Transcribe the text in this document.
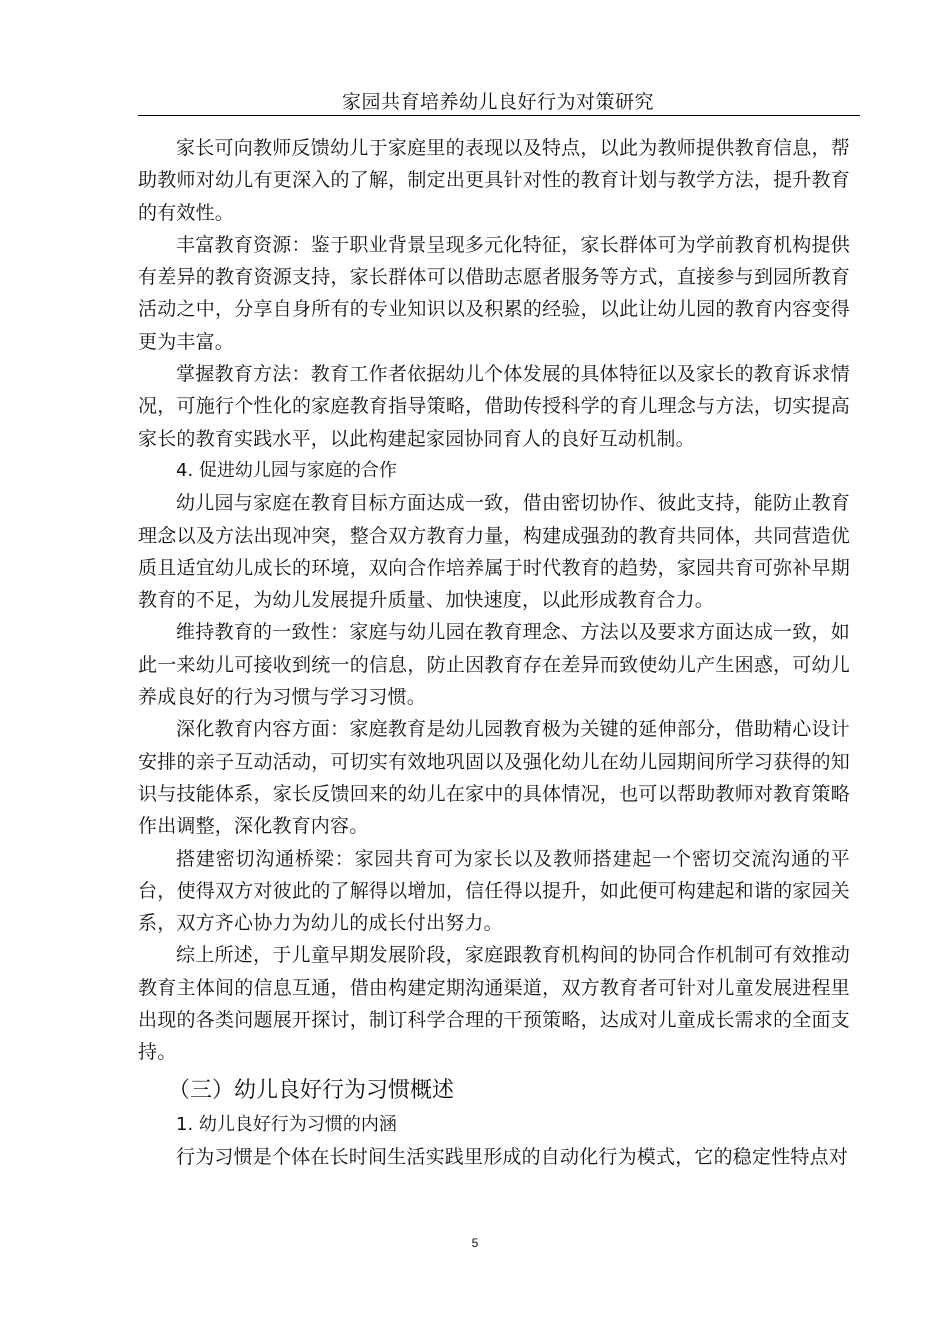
家园共育培养幼儿良好行为对策研究

家长可向教师反馈幼儿于家庭里的表现以及特点，以此为教师提供教育信息，帮助教师对幼儿有更深入的了解，制定出更具针对性的教育计划与教学方法，提升教育的有效性。

丰富教育资源：鉴于职业背景呈现多元化特征，家长群体可为学前教育机构提供有差异的教育资源支持，家长群体可以借助志愿者服务等方式，直接参与到园所教育活动之中，分享自身所有的专业知识以及积累的经验，以此让幼儿园的教育内容变得更为丰富。

掌握教育方法：教育工作者依据幼儿个体发展的具体特征以及家长的教育诉求情况，可施行个性化的家庭教育指导策略，借助传授科学的育儿理念与方法，切实提高家长的教育实践水平，以此构建起家园协同育人的良好互动机制。

4. 促进幼儿园与家庭的合作

幼儿园与家庭在教育目标方面达成一致，借由密切协作、彼此支持，能防止教育理念以及方法出现冲突，整合双方教育力量，构建成强劲的教育共同体，共同营造优质且适宜幼儿成长的环境，双向合作培养属于时代教育的趋势，家园共育可弥补早期教育的不足，为幼儿发展提升质量、加快速度，以此形成教育合力。

维持教育的一致性：家庭与幼儿园在教育理念、方法以及要求方面达成一致，如此一来幼儿可接收到统一的信息，防止因教育存在差异而致使幼儿产生困惑，可幼儿养成良好的行为习惯与学习习惯。

深化教育内容方面：家庭教育是幼儿园教育极为关键的延伸部分，借助精心设计安排的亲子互动活动，可切实有效地巩固以及强化幼儿在幼儿园期间所学习获得的知识与技能体系，家长反馈回来的幼儿在家中的具体情况，也可以帮助教师对教育策略作出调整，深化教育内容。

搭建密切沟通桥梁：家园共育可为家长以及教师搭建起一个密切交流沟通的平台，使得双方对彼此的了解得以增加，信任得以提升，如此便可构建起和谐的家园关系，双方齐心协力为幼儿的成长付出努力。

综上所述，于儿童早期发展阶段，家庭跟教育机构间的协同合作机制可有效推动教育主体间的信息互通，借由构建定期沟通渠道，双方教育者可针对儿童发展进程里出现的各类问题展开探讨，制订科学合理的干预策略，达成对儿童成长需求的全面支持。

（三）幼儿良好行为习惯概述

1. 幼儿良好行为习惯的内涵

行为习惯是个体在长时间生活实践里形成的自动化行为模式，它的稳定性特点对

5
